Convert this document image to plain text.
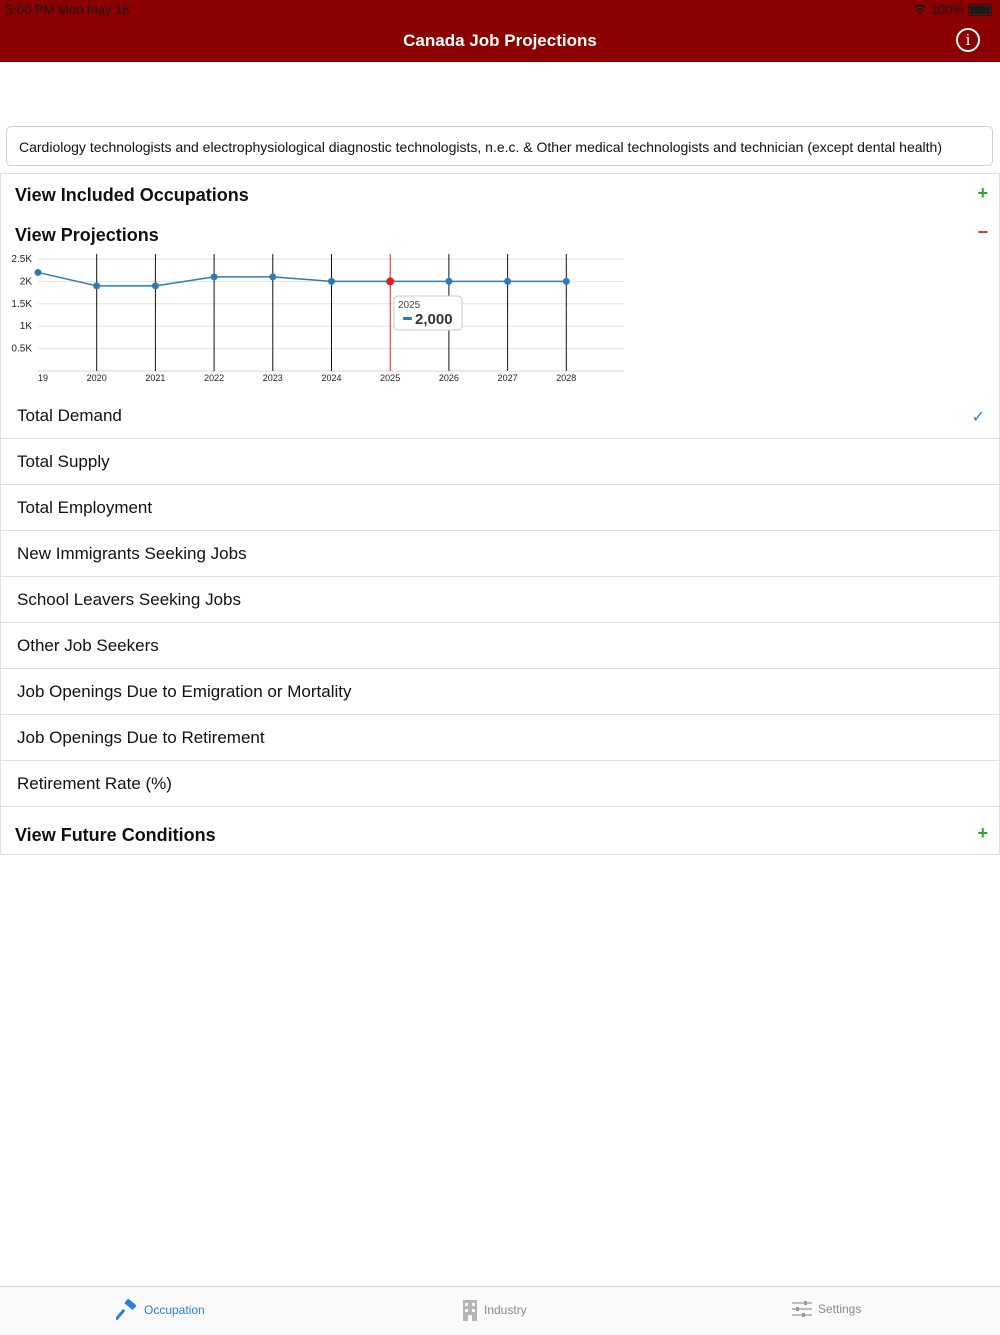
5:00 PM Mon May 18	100%
Canada Job Projections	i
Cardiology technologists and electrophysiological diagnostic technologists, n.e.c. & Other medical technologists and technician (except dental health)
View Included Occupations	+
View Projections	−
0.5K
1K
1.5K
2K
2.5K
19	2020	2021	2022	2023	2024	2025	2026	2027	2028
2025
2,000
Total Demand	✓
Total Supply
Total Employment
New Immigrants Seeking Jobs
School Leavers Seeking Jobs
Other Job Seekers
Job Openings Due to Emigration or Mortality
Job Openings Due to Retirement
Retirement Rate (%)
View Future Conditions	+
Occupation	Industry	Settings
